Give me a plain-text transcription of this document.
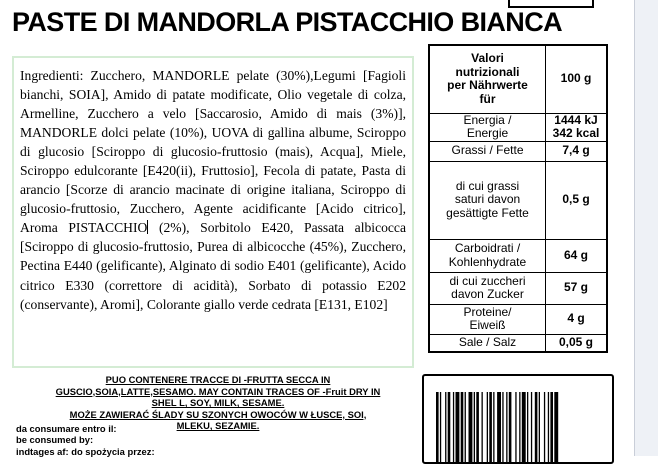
PASTE DI MANDORLA PISTACCHIO BIANCA
Ingredienti: Zucchero, MANDORLE pelate (30%),Legumi [Fagioli bianchi, SOIA], Amido di patate modificate, Olio vegetale di colza, Armelline, Zucchero a velo [Saccarosio, Amido di mais (3%)], MANDORLE dolci pelate (10%), UOVA di gallina albume, Sciroppo di glucosio [Sciroppo di glucosio-fruttosio (mais), Acqua], Miele, Sciroppo edulcorante [E420(ii), Fruttosio], Fecola di patate, Pasta di arancio [Scorze di arancio macinate di origine italiana, Sciroppo di glucosio-fruttosio, Zucchero, Agente acidificante [Acido citrico], Aroma PISTACCHIO (2%), Sorbitolo E420, Passata albicocca [Sciroppo di glucosio-fruttosio, Purea di albicocche (45%), Zucchero, Pectina E440 (gelificante), Alginato di sodio E401 (gelificante), Acido citrico E330 (correttore di acidità), Sorbato di potassio E202 (conservante), Aromi], Colorante giallo verde cedrata [E131, E102]
Valori nutrizionali per Nährwerte für	100 g
Energia / Energie	1444 kJ 342 kcal
Grassi / Fette	7,4 g
di cui grassi saturi davon gesättigte Fette	0,5 g
Carboidrati / Kohlenhydrate	64 g
di cui zuccheri davon Zucker	57 g
Proteine/ Eiweiß	4 g
Sale / Salz	0,05 g
PUO CONTENERE TRACCE DI -FRUTTA SECCA IN
GUSCIO,SOIA,LATTE,SESAMO. MAY CONTAIN TRACES OF -Fruit DRY IN
SHEL L, SOY, MILK, SESAME.
MOŻE ZAWIERAĆ ŚLADY SU SZONYCH OWOCÓW W ŁUSCE, SOI,
MLEKU, SEZAMIE.
da consumare entro il:
be consumed by:
indtages af: do spożycia przez:
